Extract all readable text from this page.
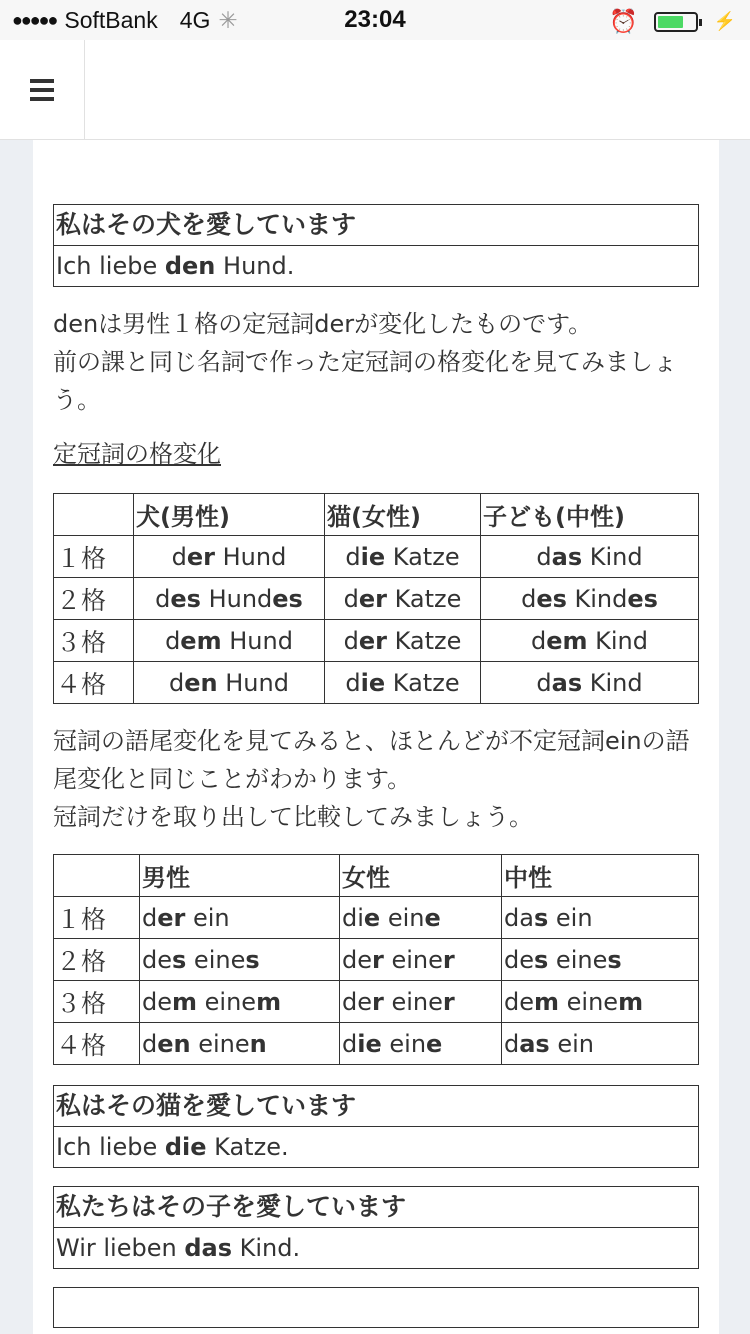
●●●●● SoftBank 4G ✳	23:04	⏰	⚡
私はその犬を愛しています
Ich liebe den Hund.

denは男性１格の定冠詞derが変化したものです。
前の課と同じ名詞で作った定冠詞の格変化を見てみましょう。

定冠詞の格変化
	犬(男性)	猫(女性)	子ども(中性)
１格	der Hund	die Katze	das Kind
２格	des Hundes	der Katze	des Kindes
３格	dem Hund	der Katze	dem Kind
４格	den Hund	die Katze	das Kind

冠詞の語尾変化を見てみると、ほとんどが不定冠詞einの語尾変化と同じことがわかります。
冠詞だけを取り出して比較してみましょう。

	男性	女性	中性
１格	der ein	die eine	das ein
２格	des eines	der einer	des eines
３格	dem einem	der einer	dem einem
４格	den einen	die eine	das ein
私はその猫を愛しています
Ich liebe die Katze.
私たちはその子を愛しています
Wir lieben das Kind.
